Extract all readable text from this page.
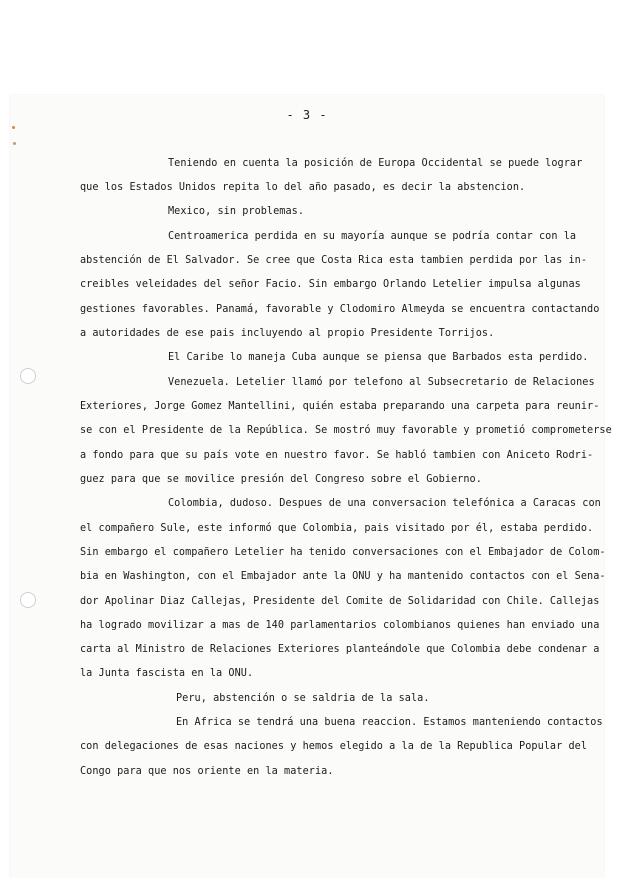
- 3 -
Teniendo en cuenta la posición de Europa Occidental se puede lograr
que los Estados Unidos repita lo del año pasado, es decir la abstencion.
Mexico, sin problemas.
Centroamerica perdida en su mayoría aunque se podría contar con la
abstención de El Salvador. Se cree que Costa Rica esta tambien perdida por las in-
creibles veleidades del señor Facio. Sin embargo Orlando Letelier impulsa algunas
gestiones favorables. Panamá, favorable y Clodomiro Almeyda se encuentra contactando
a autoridades de ese pais incluyendo al propio Presidente Torrijos.
El Caribe lo maneja Cuba aunque se piensa que Barbados esta perdido.
Venezuela. Letelier llamó por telefono al Subsecretario de Relaciones
Exteriores, Jorge Gomez Mantellini, quién estaba preparando una carpeta para reunir-
se con el Presidente de la República. Se mostró muy favorable y prometió comprometerse
a fondo para que su país vote en nuestro favor. Se habló tambien con Aniceto Rodri-
guez para que se movilice presión del Congreso sobre el Gobierno.
Colombia, dudoso. Despues de una conversacion telefónica a Caracas con
el compañero Sule, este informó que Colombia, pais visitado por él, estaba perdido.
Sin embargo el compañero Letelier ha tenido conversaciones con el Embajador de Colom-
bia en Washington, con el Embajador ante la ONU y ha mantenido contactos con el Sena-
dor Apolinar Diaz Callejas, Presidente del Comite de Solidaridad con Chile. Callejas
ha logrado movilizar a mas de 140 parlamentarios colombianos quienes han enviado una
carta al Ministro de Relaciones Exteriores planteándole que Colombia debe condenar a
la Junta fascista en la ONU.
Peru, abstención o se saldria de la sala.
En Africa se tendrá una buena reaccion. Estamos manteniendo contactos
con delegaciones de esas naciones y hemos elegido a la de la Republica Popular del
Congo para que nos oriente en la materia.
